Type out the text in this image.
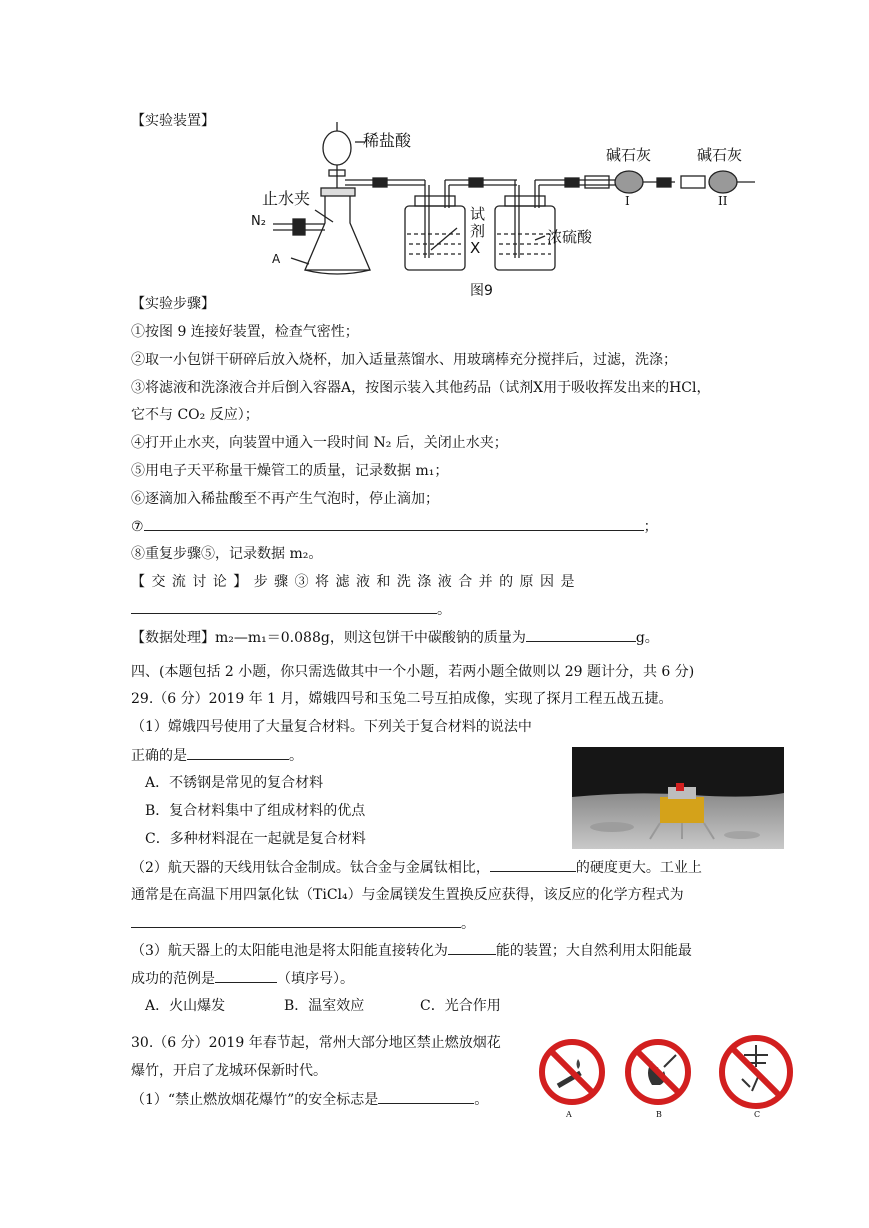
【实验装置】
稀盐酸
止水夹
N₂
A
试剂X
浓硫酸
碱石灰	碱石灰
I	II
图9
【实验步骤】
①按图 9 连接好装置，检查气密性；
②取一小包饼干研碎后放入烧杯，加入适量蒸馏水、用玻璃棒充分搅拌后，过滤，洗涤；
③将滤液和洗涤液合并后倒入容器A，按图示装入其他药品（试剂X用于吸收挥发出来的HCl，
它不与 CO₂ 反应）；
④打开止水夹，向装置中通入一段时间 N₂ 后，关闭止水夹；
⑤用电子天平称量干燥管工的质量，记录数据 m₁；
⑥逐滴加入稀盐酸至不再产生气泡时，停止滴加；
⑦	；
⑧重复步骤⑤，记录数据 m₂。
【 交 流 讨 论 】 步 骤 ③ 将 滤 液 和 洗 涤 液 合 并 的 原 因 是
。
【数据处理】m₂—m₁＝0.088g，则这包饼干中碳酸钠的质量为	g。
四、(本题包括 2 小题，你只需选做其中一个小题，若两小题全做则以 29 题计分，共 6 分)
29.（6 分）2019 年 1 月，嫦娥四号和玉兔二号互拍成像，实现了探月工程五战五捷。
（1）嫦娥四号使用了大量复合材料。下列关于复合材料的说法中
正确的是	。
A．不锈钢是常见的复合材料
B．复合材料集中了组成材料的优点
C．多种材料混在一起就是复合材料
（2）航天器的天线用钛合金制成。钛合金与金属钛相比，	的硬度更大。工业上
通常是在高温下用四氯化钛（TiCl₄）与金属镁发生置换反应获得，该反应的化学方程式为
。
（3）航天器上的太阳能电池是将太阳能直接转化为	能的装置；大自然利用太阳能最
成功的范例是	（填序号）。
A．火山爆发	B．温室效应	C．光合作用
30.（6 分）2019 年春节起，常州大部分地区禁止燃放烟花
爆竹，开启了龙城环保新时代。
（1）“禁止燃放烟花爆竹”的安全标志是	。
A	B	C
